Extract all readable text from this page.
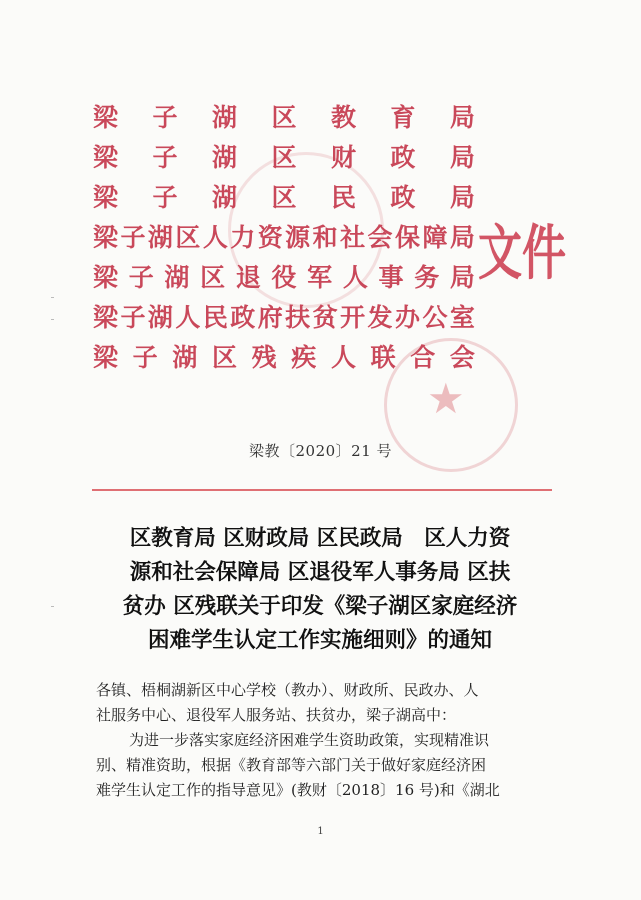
★
梁 子 湖 区 教 育 局
梁 子 湖 区 财 政 局
梁 子 湖 区 民 政 局
梁 子 湖 区 人 力 资 源 和 社 会 保 障 局
梁 子 湖 区 退 役 军 人 事 务 局
梁 子 湖 人 民 政 府 扶 贫 开 发 办 公 室
梁 子 湖 区 残 疾 人 联 合 会
文件
梁教〔2020〕21 号
区教育局 区财政局 区民政局　区人力资
源和社会保障局 区退役军人事务局 区扶
贫办 区残联关于印发《梁子湖区家庭经济
困难学生认定工作实施细则》的通知
各镇、梧桐湖新区中心学校（教办）、财政所、民政办、人
社服务中心、退役军人服务站、扶贫办，梁子湖高中：
为进一步落实家庭经济困难学生资助政策，实现精准识
别、精准资助，根据《教育部等六部门关于做好家庭经济困
难学生认定工作的指导意见》(教财〔2018〕16 号)和《湖北
1
